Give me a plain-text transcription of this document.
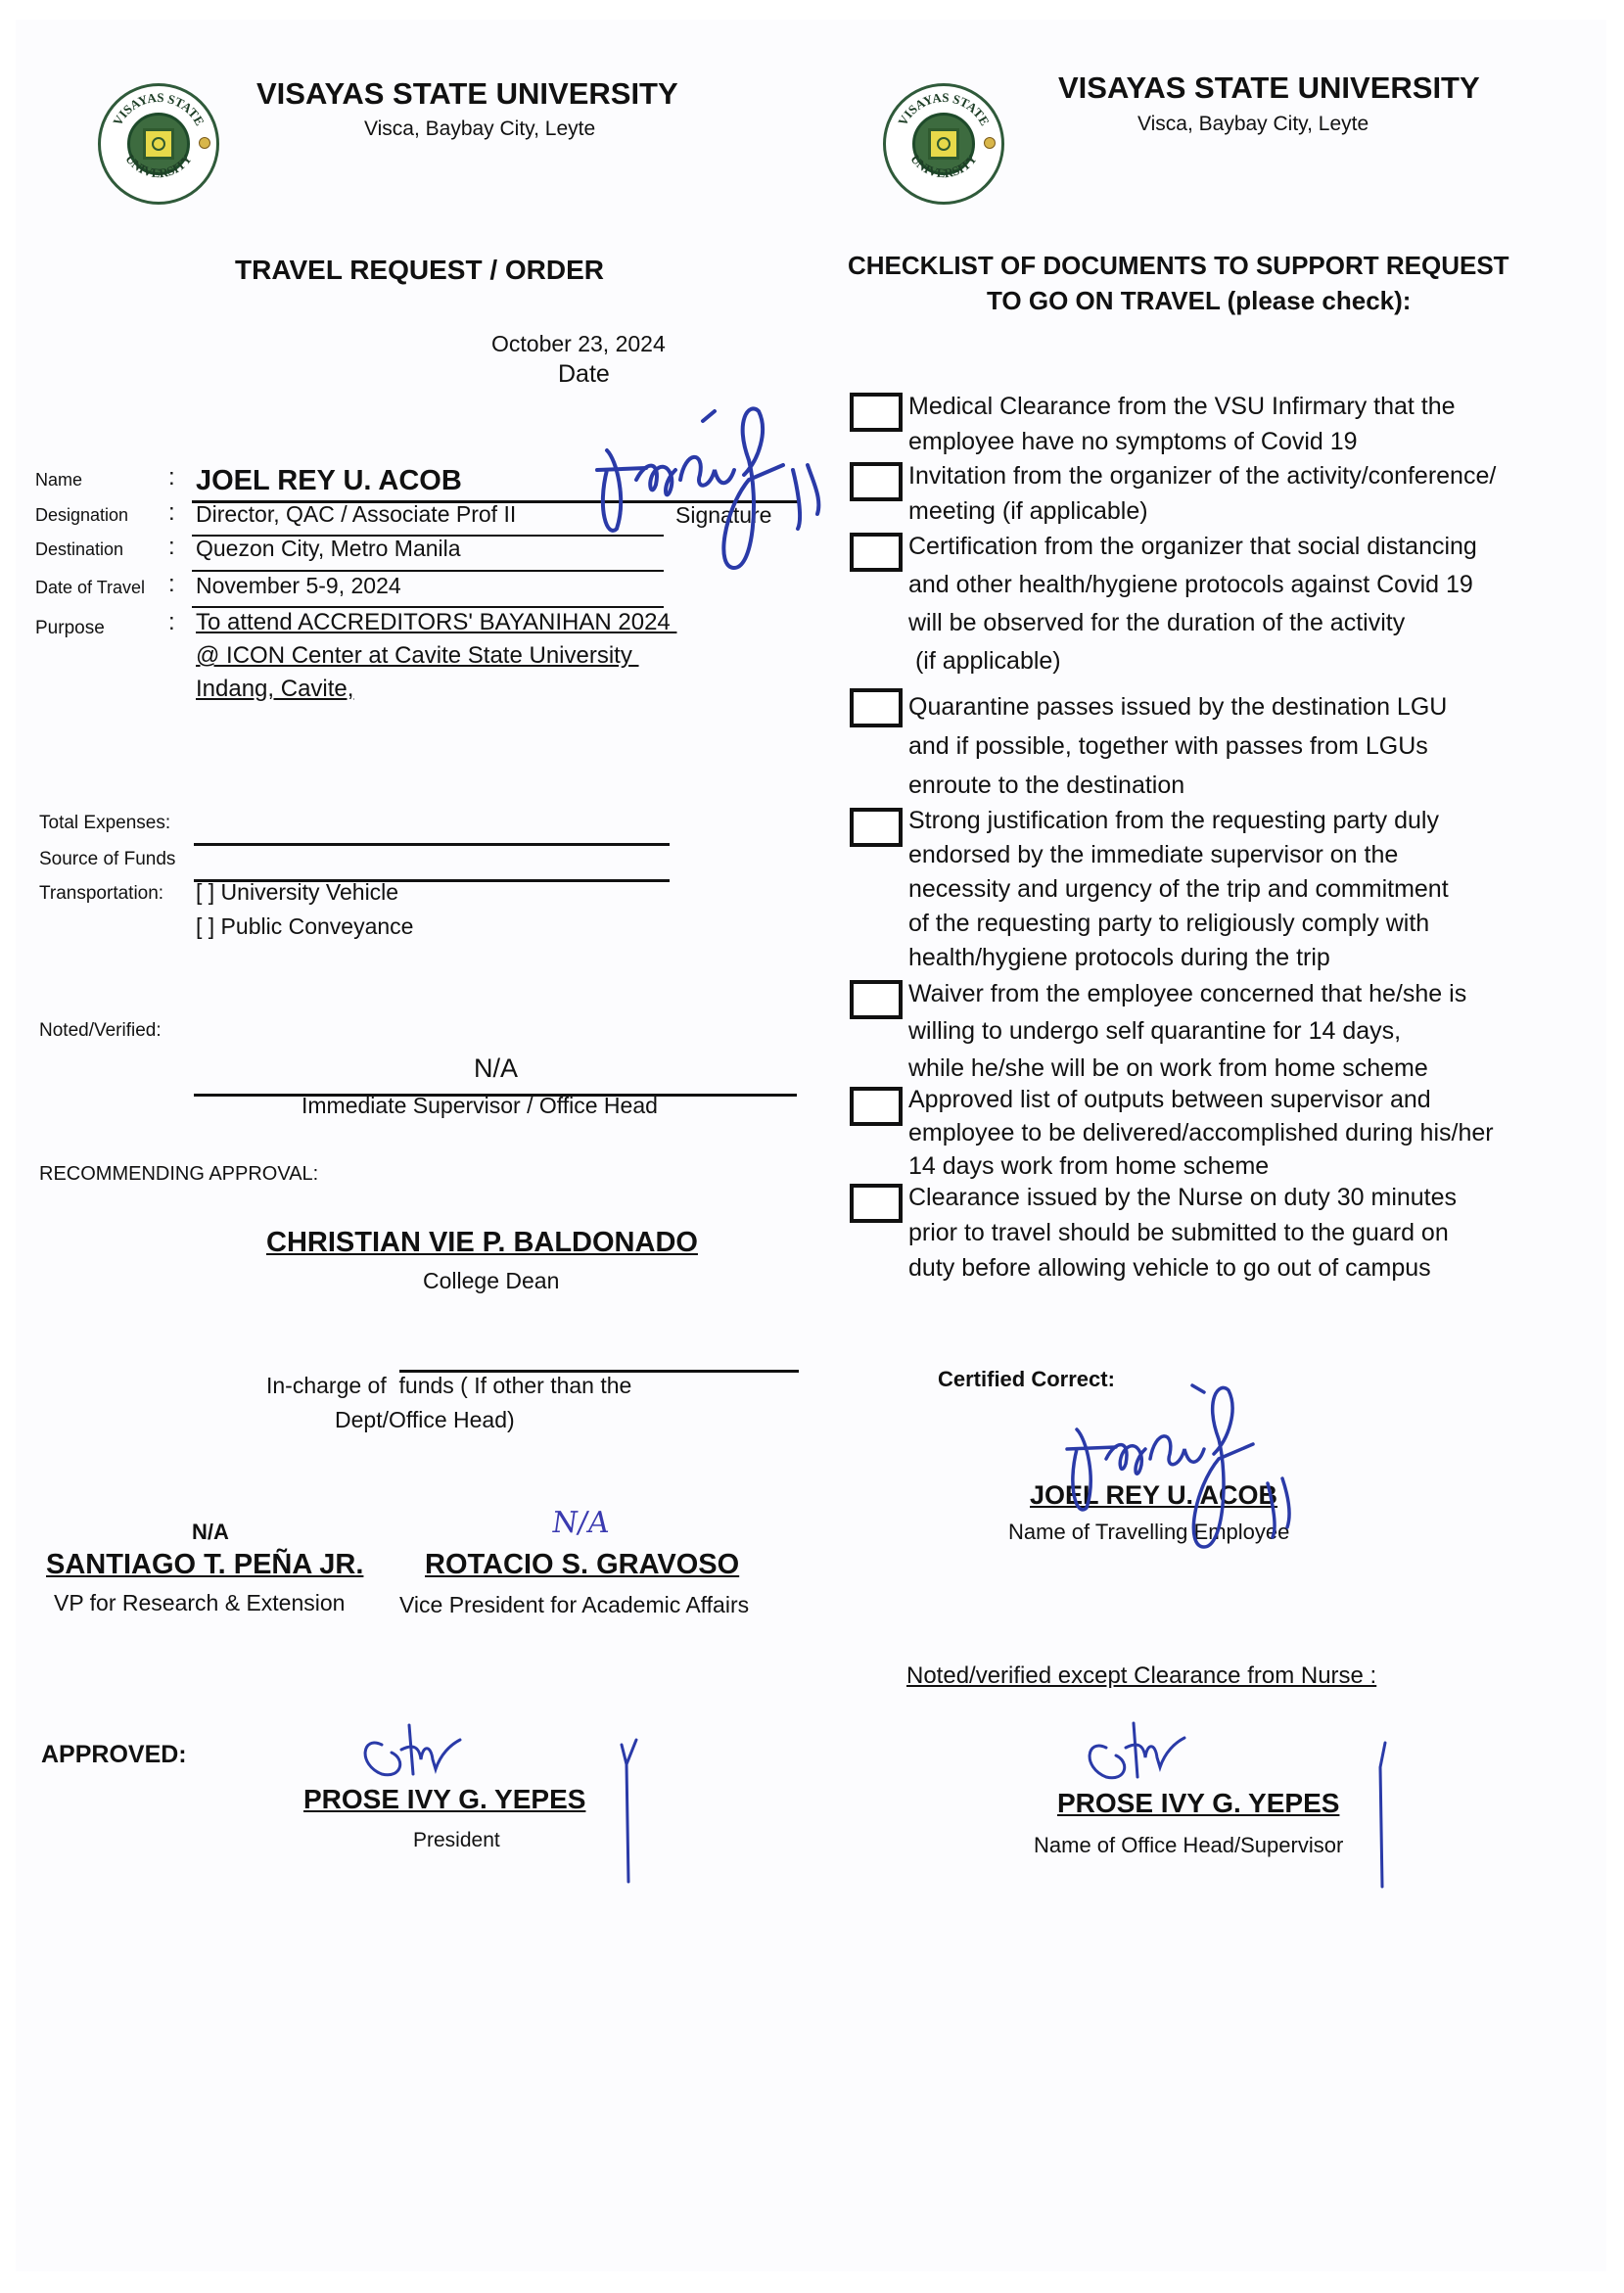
VISAYAS STATE
UNIVERSITY
VISAYAS STATE UNIVERSITY
Visca, Baybay City, Leyte	VISAYAS STATE
UNIVERSITY
VISAYAS STATE UNIVERSITY
Visca, Baybay City, Leyte
TRAVEL REQUEST / ORDER
October 23, 2024
Date
Name	: JOEL REY U. ACOB
Designation : Director, QAC / Associate Prof II	Signature
Destination : Quezon City, Metro Manila
Date of Travel : November 5-9, 2024
Purpose	: To attend ACCREDITORS' BAYANIHAN 2024
@ ICON Center at Cavite State University
Indang, Cavite,
Total Expenses:
Source of Funds
Transportation: [ ] University Vehicle
[ ] Public Conveyance
Noted/Verified:
N/A
Immediate Supervisor / Office Head
RECOMMENDING APPROVAL:
CHRISTIAN VIE P. BALDONADO
College Dean
In-charge of  funds ( If other than the
Dept/Office Head)
N/A
SANTIAGO T. PEÑA JR.
VP for Research & Extension
N/A
ROTACIO S. GRAVOSO
Vice President for Academic Affairs
APPROVED:
PROSE IVY G. YEPES
President
CHECKLIST OF DOCUMENTS TO SUPPORT REQUEST
TO GO ON TRAVEL (please check):
Medical Clearance from the VSU Infirmary that the
employee have no symptoms of Covid 19
Invitation from the organizer of the activity/conference/
meeting (if applicable)
Certification from the organizer that social distancing
and other health/hygiene protocols against Covid 19
will be observed for the duration of the activity
(if applicable)
Quarantine passes issued by the destination LGU
and if possible, together with passes from LGUs
enroute to the destination
Strong justification from the requesting party duly
endorsed by the immediate supervisor on the
necessity and urgency of the trip and commitment
of the requesting party to religiously comply with
health/hygiene protocols during the trip
Waiver from the employee concerned that he/she is
willing to undergo self quarantine for 14 days,
while he/she will be on work from home scheme
Approved list of outputs between supervisor and
employee to be delivered/accomplished during his/her
14 days work from home scheme
Clearance issued by the Nurse on duty 30 minutes
prior to travel should be submitted to the guard on
duty before allowing vehicle to go out of campus
Certified Correct:
JOEL REY U. ACOB
Name of Travelling Employee
Noted/verified except Clearance from Nurse :
PROSE IVY G. YEPES
Name of Office Head/Supervisor
